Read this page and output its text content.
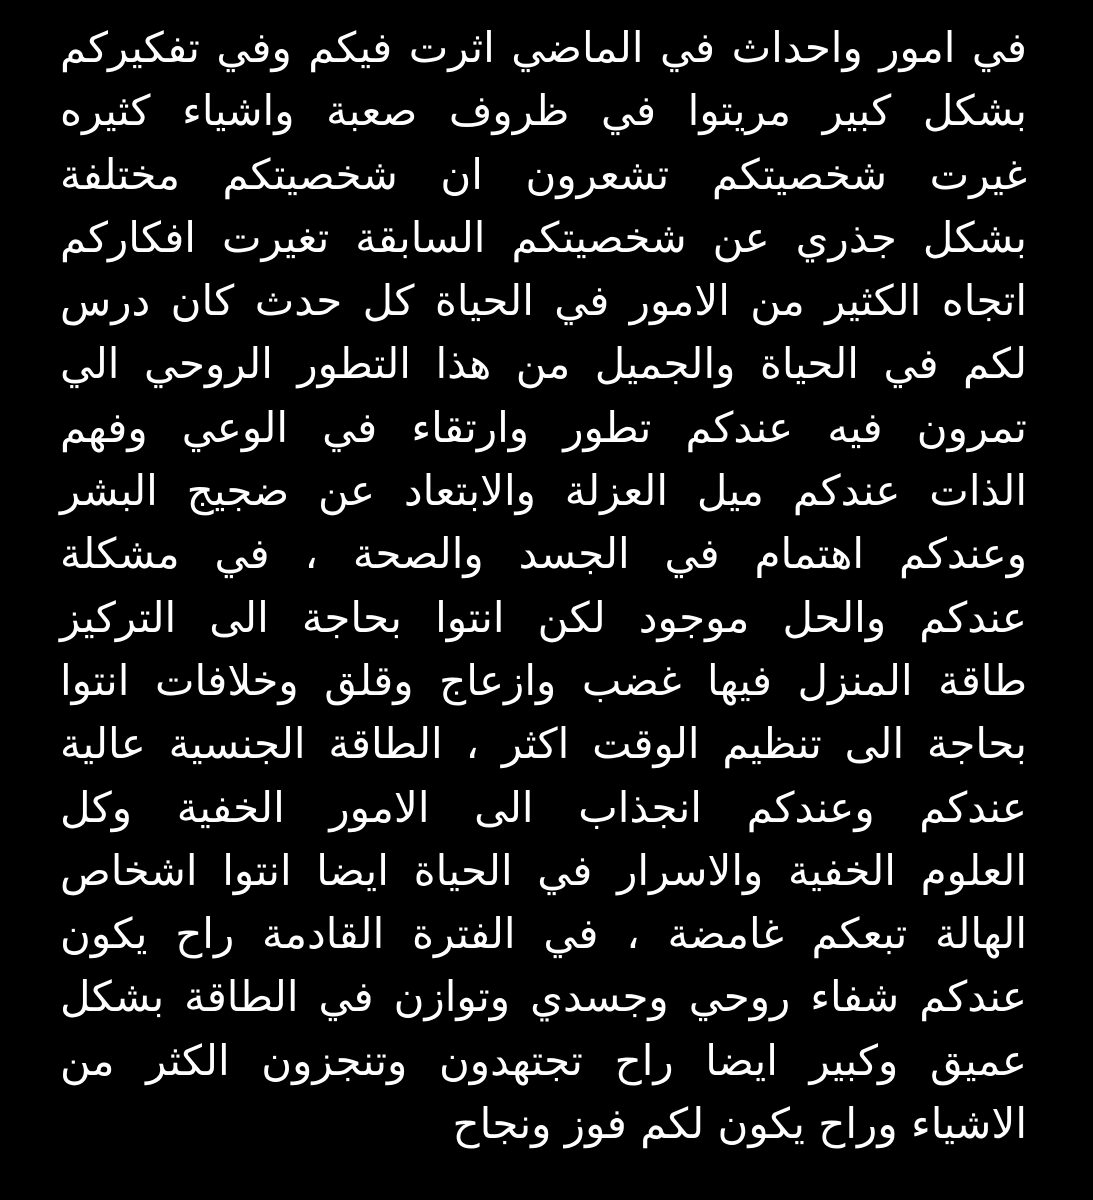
في امور واحداث في الماضي اثرت فيكم وفي تفكيركم
بشكل كبير مريتوا في ظروف صعبة واشياء كثيره
غيرت شخصيتكم تشعرون ان شخصيتكم مختلفة
بشكل جذري عن شخصيتكم السابقة تغيرت افكاركم
اتجاه الكثير من الامور في الحياة كل حدث كان درس
لكم في الحياة والجميل من هذا التطور الروحي الي
تمرون فيه عندكم تطور وارتقاء في الوعي وفهم
الذات عندكم ميل العزلة والابتعاد عن ضجيج البشر
وعندكم اهتمام في الجسد والصحة ، في مشكلة
عندكم والحل موجود لكن انتوا بحاجة الى التركيز
طاقة المنزل فيها غضب وازعاج وقلق وخلافات انتوا
بحاجة الى تنظيم الوقت اكثر ، الطاقة الجنسية عالية
عندكم وعندكم انجذاب الى الامور الخفية وكل
العلوم الخفية والاسرار في الحياة ايضا انتوا اشخاص
الهالة تبعكم غامضة ، في الفترة القادمة راح يكون
عندكم شفاء روحي وجسدي وتوازن في الطاقة بشكل
عميق وكبير ايضا راح تجتهدون وتنجزون الكثر من
الاشياء وراح يكون لكم فوز ونجاح
